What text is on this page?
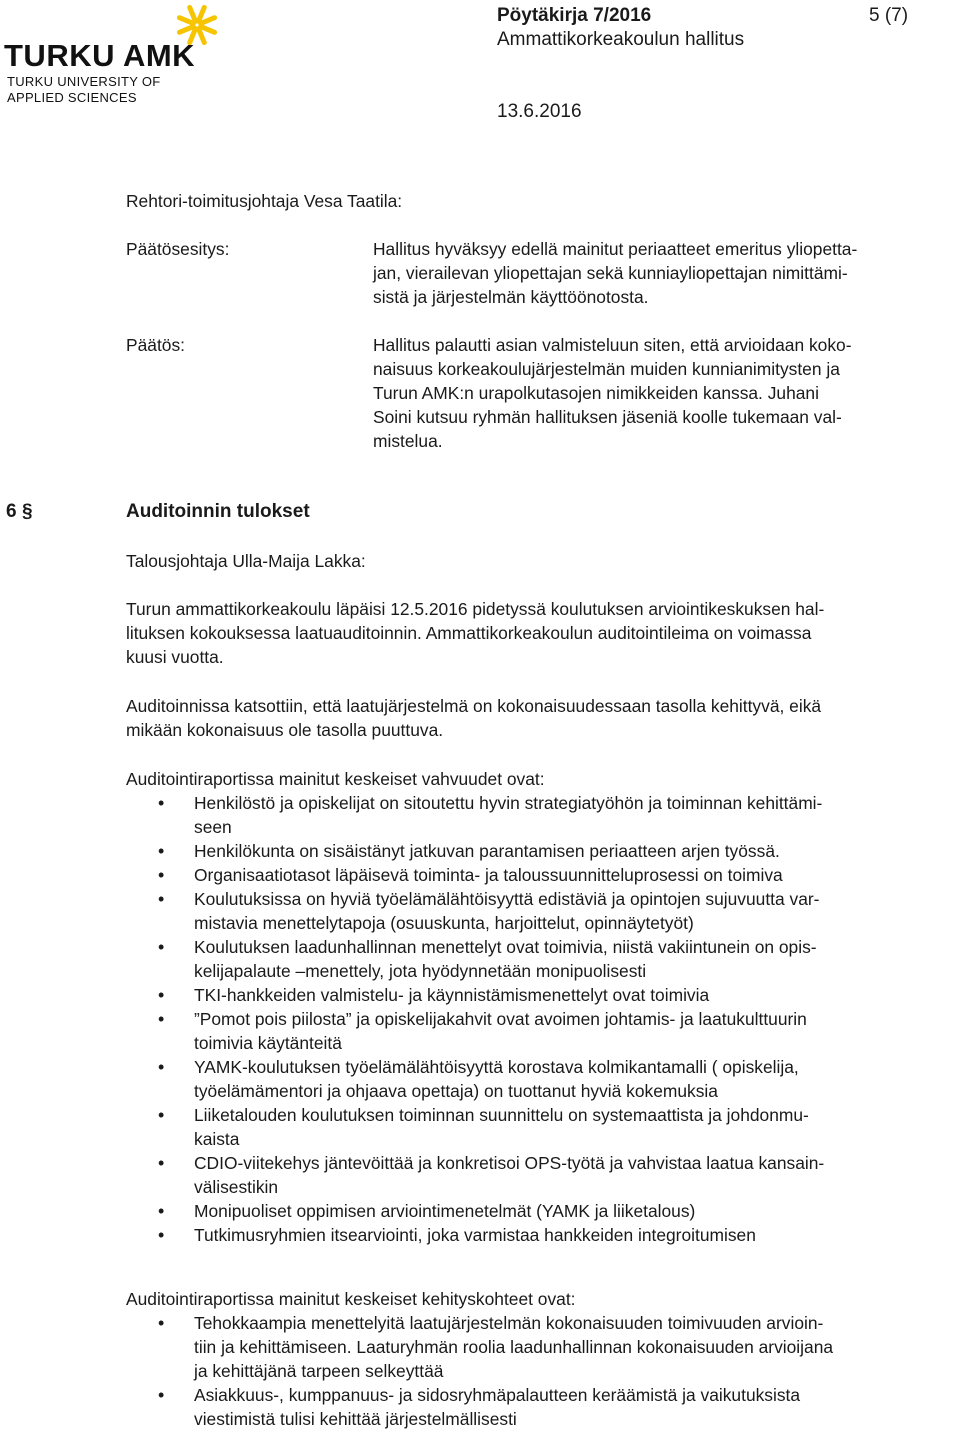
TURKU AMK
TURKU UNIVERSITY OF
APPLIED SCIENCES
Pöytäkirja 7/2016	5 (7)
Ammattikorkeakoulun hallitus
13.6.2016
Rehtori-toimitusjohtaja Vesa Taatila:
Päätösesitys:	Hallitus hyväksyy edellä mainitut periaatteet emeritus yliopetta-
jan, vierailevan yliopettajan sekä kunniayliopettajan nimittämi-
sistä ja järjestelmän käyttöönotosta.
Päätös:	Hallitus palautti asian valmisteluun siten, että arvioidaan koko-
naisuus korkeakoulujärjestelmän muiden kunnianimitysten ja
Turun AMK:n urapolkutasojen nimikkeiden kanssa. Juhani
Soini kutsuu ryhmän hallituksen jäseniä koolle tukemaan val-
mistelua.
6 §	Auditoinnin tulokset
Talousjohtaja Ulla-Maija Lakka:
Turun ammattikorkeakoulu läpäisi 12.5.2016 pidetyssä koulutuksen arviointikeskuksen hal-
lituksen kokouksessa laatuauditoinnin. Ammattikorkeakoulun auditointileima on voimassa
kuusi vuotta.
Auditoinnissa katsottiin, että laatujärjestelmä on kokonaisuudessaan tasolla kehittyvä, eikä
mikään kokonaisuus ole tasolla puuttuva.
Auditointiraportissa mainitut keskeiset vahvuudet ovat:
• Henkilöstö ja opiskelijat on sitoutettu hyvin strategiatyöhön ja toiminnan kehittämi-
seen
• Henkilökunta on sisäistänyt jatkuvan parantamisen periaatteen arjen työssä.
• Organisaatiotasot läpäisevä toiminta- ja taloussuunnitteluprosessi on toimiva
• Koulutuksissa on hyviä työelämälähtöisyyttä edistäviä ja opintojen sujuvuutta var-
mistavia menettelytapoja (osuuskunta, harjoittelut, opinnäytetyöt)
• Koulutuksen laadunhallinnan menettelyt ovat toimivia, niistä vakiintunein on opis-
kelijapalaute –menettely, jota hyödynnetään monipuolisesti
• TKI-hankkeiden valmistelu- ja käynnistämismenettelyt ovat toimivia
• ”Pomot pois piilosta” ja opiskelijakahvit ovat avoimen johtamis- ja laatukulttuurin
toimivia käytänteitä
• YAMK-koulutuksen työelämälähtöisyyttä korostava kolmikantamalli ( opiskelija,
työelämämentori ja ohjaava opettaja) on tuottanut hyviä kokemuksia
• Liiketalouden koulutuksen toiminnan suunnittelu on systemaattista ja johdonmu-
kaista
• CDIO-viitekehys jäntevöittää ja konkretisoi OPS-työtä ja vahvistaa laatua kansain-
välisestikin
• Monipuoliset oppimisen arviointimenetelmät (YAMK ja liiketalous)
• Tutkimusryhmien itsearviointi, joka varmistaa hankkeiden integroitumisen
Auditointiraportissa mainitut keskeiset kehityskohteet ovat:
• Tehokkaampia menettelyitä laatujärjestelmän kokonaisuuden toimivuuden arvioin-
tiin ja kehittämiseen. Laaturyhmän roolia laadunhallinnan kokonaisuuden arvioijana
ja kehittäjänä tarpeen selkeyttää
• Asiakkuus-, kumppanuus- ja sidosryhmäpalautteen keräämistä ja vaikutuksista
viestimistä tulisi kehittää järjestelmällisesti
